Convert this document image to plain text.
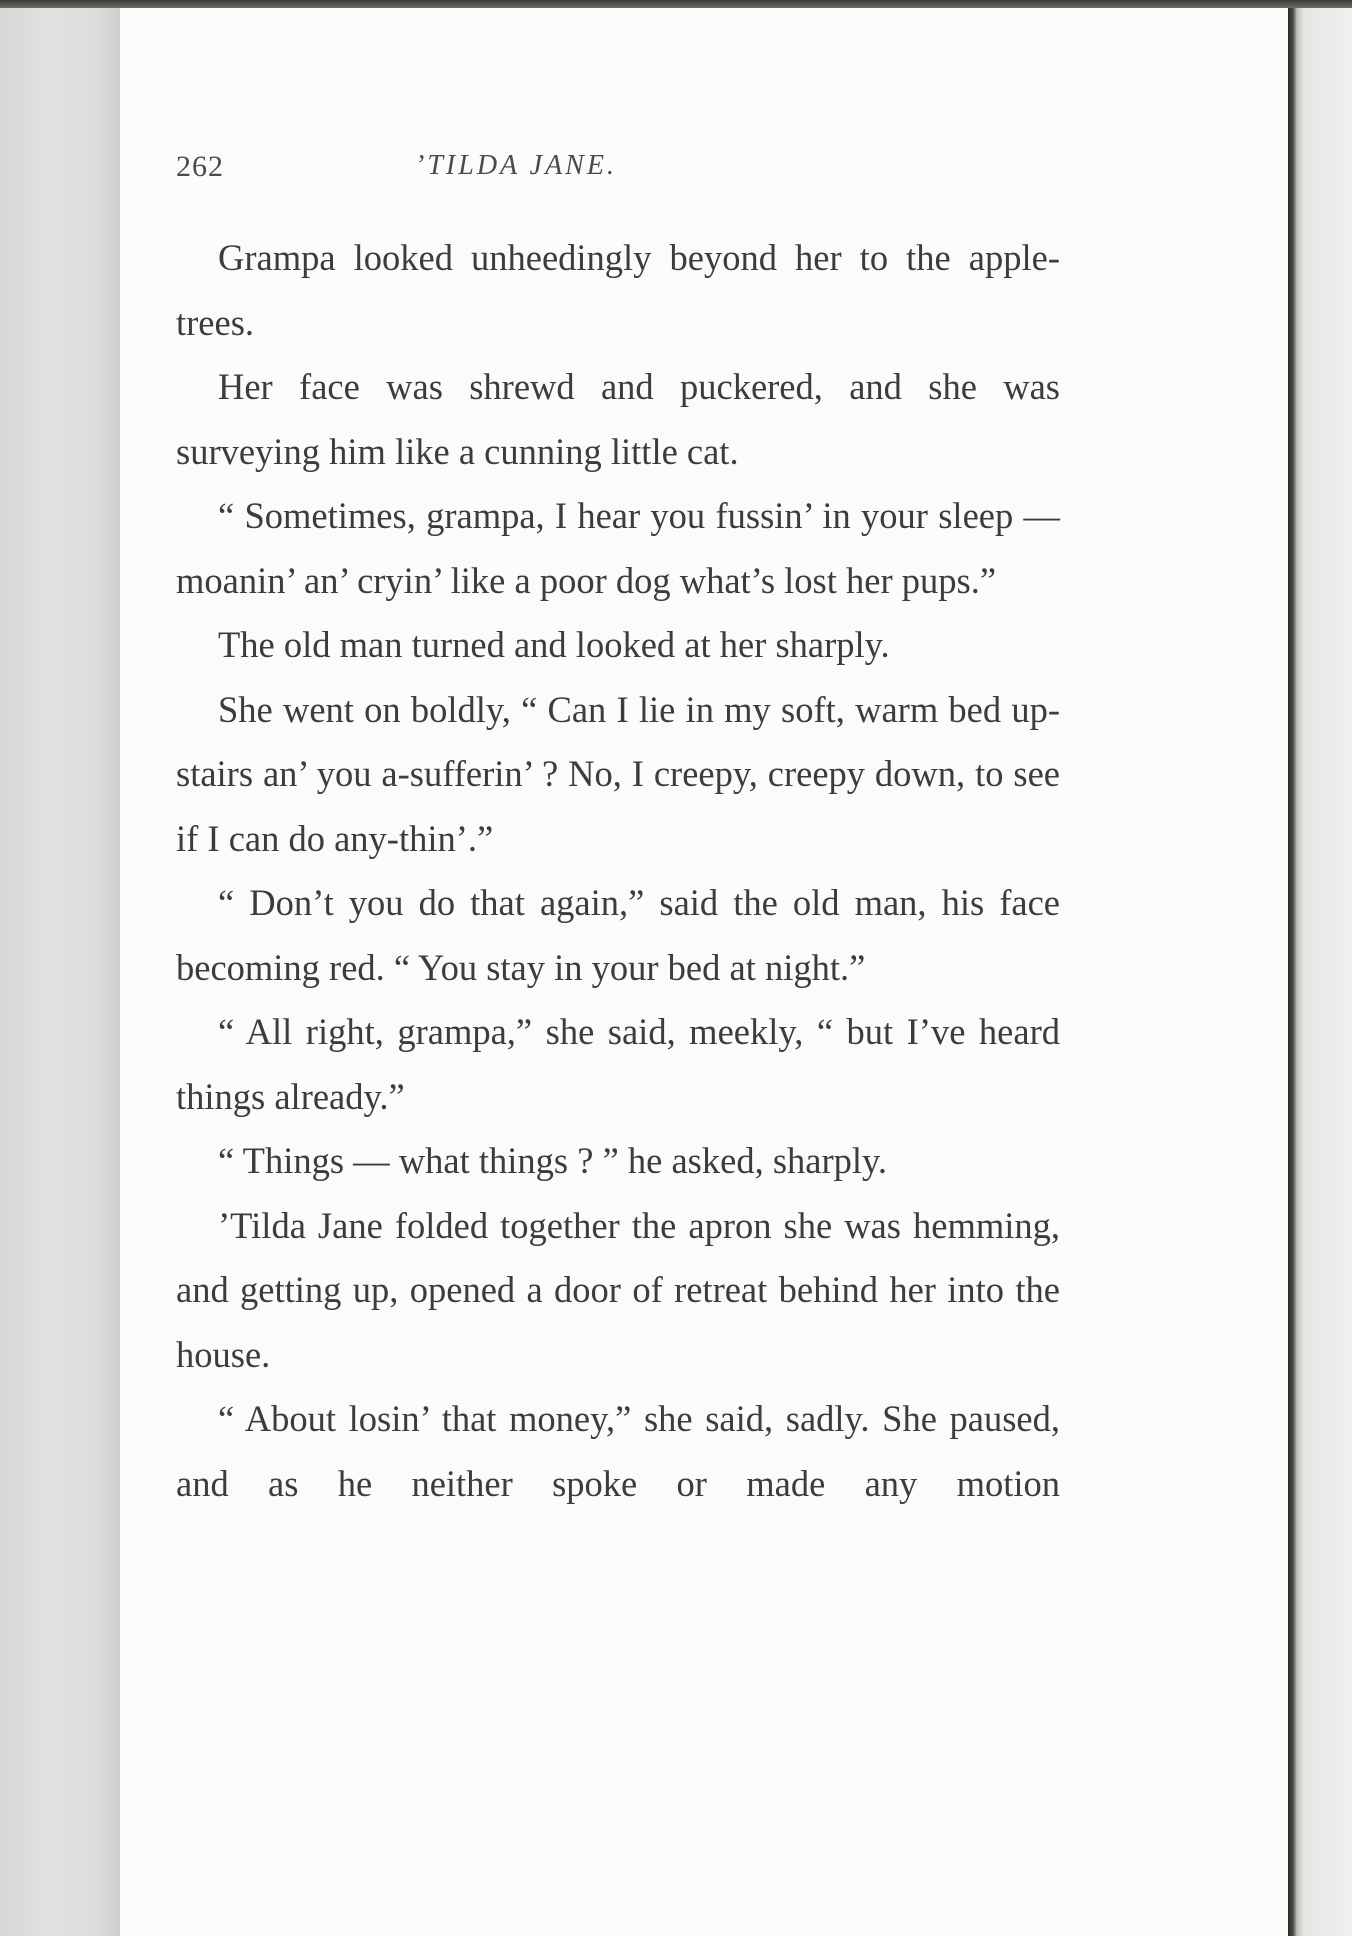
262	’TILDA JANE.

Grampa looked unheedingly beyond her to the apple-trees.

Her face was shrewd and puckered, and she was surveying him like a cunning little cat.

“ Sometimes, grampa, I hear you fussin’ in your sleep — moanin’ an’ cryin’ like a poor dog what’s lost her pups.”

The old man turned and looked at her sharply.

She went on boldly, “ Can I lie in my soft, warm bed up-stairs an’ you a-sufferin’ ? No, I creepy, creepy down, to see if I can do any-thin’.”

“ Don’t you do that again,” said the old man, his face becoming red. “ You stay in your bed at night.”

“ All right, grampa,” she said, meekly, “ but I’ve heard things already.”

“ Things — what things ? ” he asked, sharply.

’Tilda Jane folded together the apron she was hemming, and getting up, opened a door of retreat behind her into the house.

“ About losin’ that money,” she said, sadly. She paused, and as he neither spoke or made any motion
